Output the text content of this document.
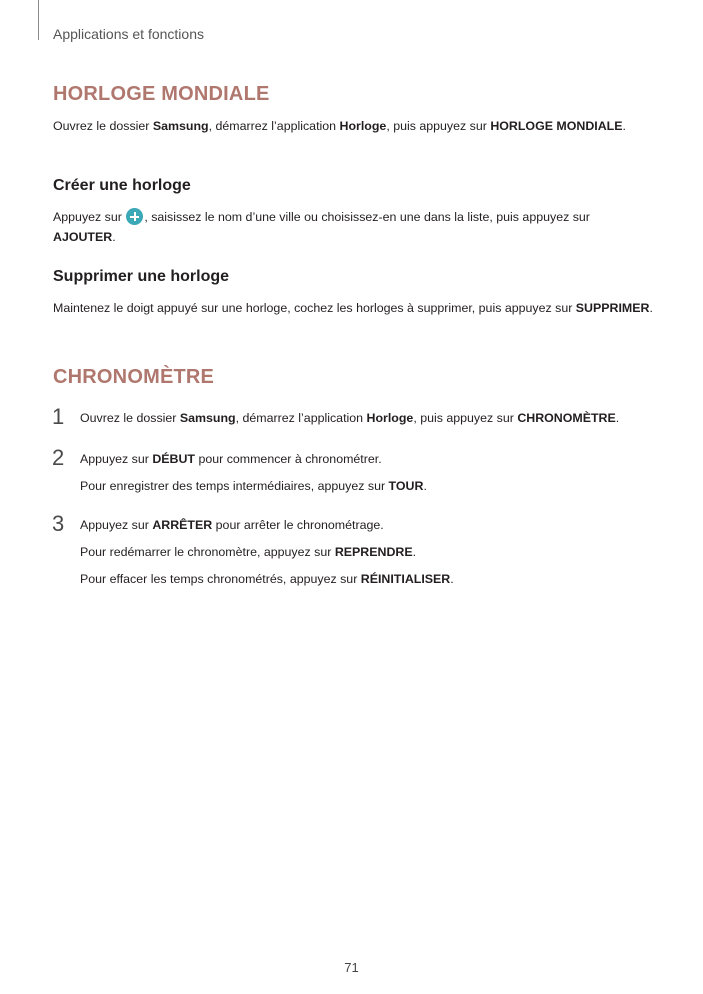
Applications et fonctions
HORLOGE MONDIALE
Ouvrez le dossier Samsung, démarrez l’application Horloge, puis appuyez sur HORLOGE MONDIALE.
Créer une horloge
Appuyez sur , saisissez le nom d’une ville ou choisissez-en une dans la liste, puis appuyez sur AJOUTER.
Supprimer une horloge
Maintenez le doigt appuyé sur une horloge, cochez les horloges à supprimer, puis appuyez sur SUPPRIMER.
CHRONOMÈTRE
1 Ouvrez le dossier Samsung, démarrez l’application Horloge, puis appuyez sur CHRONOMÈTRE.
2 Appuyez sur DÉBUT pour commencer à chronométrer.
Pour enregistrer des temps intermédiaires, appuyez sur TOUR.
3 Appuyez sur ARRÊTER pour arrêter le chronométrage.
Pour redémarrer le chronomètre, appuyez sur REPRENDRE.
Pour effacer les temps chronométrés, appuyez sur RÉINITIALISER.
71
